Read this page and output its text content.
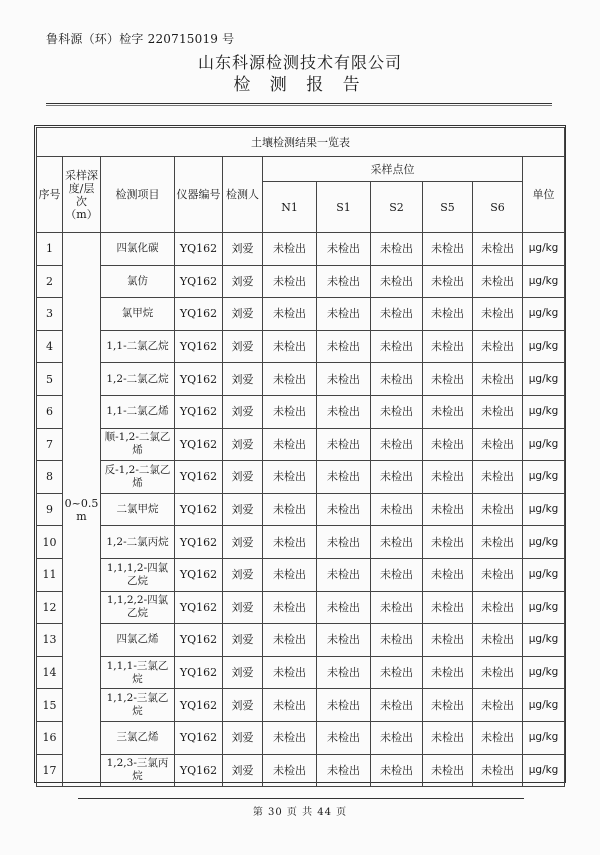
鲁科源（环）检字 220715019 号
山东科源检测技术有限公司
检 测 报 告
土壤检测结果一览表										
序号	采样深度/层次（m）	检测项目	仪器编号	检测人	采样点位					单位
					N1	S1	S2	S5	S6	
1	0~0.5 m	四氯化碳	YQ162	刘爱	未检出	未检出	未检出	未检出	未检出	μg/kg
2		氯仿	YQ162	刘爱	未检出	未检出	未检出	未检出	未检出	μg/kg
3		氯甲烷	YQ162	刘爱	未检出	未检出	未检出	未检出	未检出	μg/kg
4		1,1-二氯乙烷	YQ162	刘爱	未检出	未检出	未检出	未检出	未检出	μg/kg
5		1,2-二氯乙烷	YQ162	刘爱	未检出	未检出	未检出	未检出	未检出	μg/kg
6		1,1-二氯乙烯	YQ162	刘爱	未检出	未检出	未检出	未检出	未检出	μg/kg
7		顺-1,2-二氯乙烯	YQ162	刘爱	未检出	未检出	未检出	未检出	未检出	μg/kg
8		反-1,2-二氯乙烯	YQ162	刘爱	未检出	未检出	未检出	未检出	未检出	μg/kg
9		二氯甲烷	YQ162	刘爱	未检出	未检出	未检出	未检出	未检出	μg/kg
10		1,2-二氯丙烷	YQ162	刘爱	未检出	未检出	未检出	未检出	未检出	μg/kg
11		1,1,1,2-四氯乙烷	YQ162	刘爱	未检出	未检出	未检出	未检出	未检出	μg/kg
12		1,1,2,2-四氯乙烷	YQ162	刘爱	未检出	未检出	未检出	未检出	未检出	μg/kg
13		四氯乙烯	YQ162	刘爱	未检出	未检出	未检出	未检出	未检出	μg/kg
14		1,1,1-三氯乙烷	YQ162	刘爱	未检出	未检出	未检出	未检出	未检出	μg/kg
15		1,1,2-三氯乙烷	YQ162	刘爱	未检出	未检出	未检出	未检出	未检出	μg/kg
16		三氯乙烯	YQ162	刘爱	未检出	未检出	未检出	未检出	未检出	μg/kg
17		1,2,3-三氯丙烷	YQ162	刘爱	未检出	未检出	未检出	未检出	未检出	μg/kg
第 30 页 共 44 页
